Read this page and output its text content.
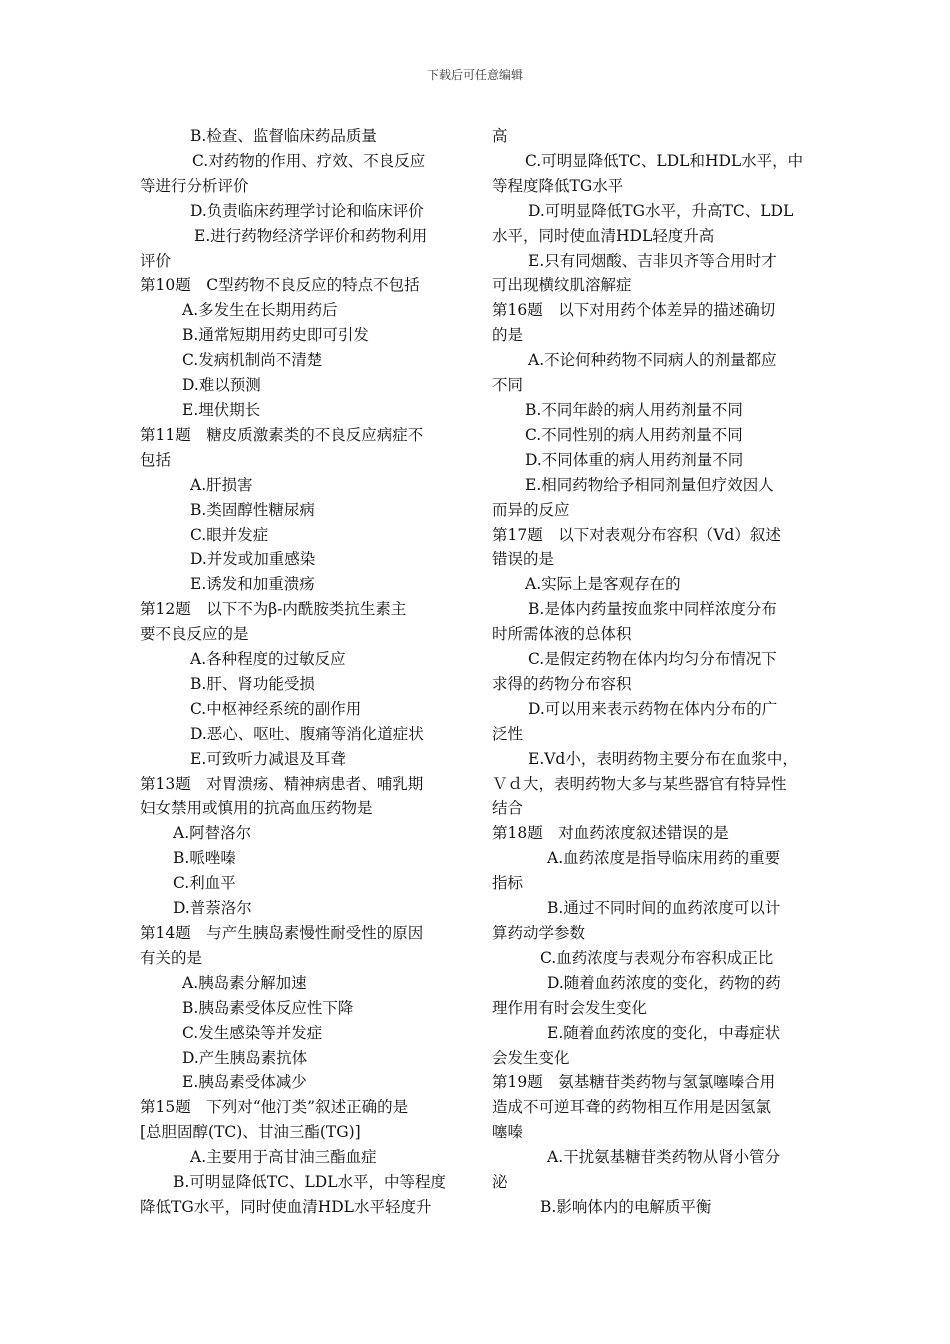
下载后可任意编辑
B.检查、监督临床药品质量
C.对药物的作用、疗效、不良反应
等进行分析评价
D.负责临床药理学讨论和临床评价
E.进行药物经济学评价和药物利用
评价
第10题　C型药物不良反应的特点不包括
A.多发生在长期用药后
B.通常短期用药史即可引发
C.发病机制尚不清楚
D.难以预测
E.埋伏期长
第11题　糖皮质激素类的不良反应病症不
包括
A.肝损害
B.类固醇性糖尿病
C.眼并发症
D.并发或加重感染
E.诱发和加重溃疡
第12题　以下不为β-内酰胺类抗生素主
要不良反应的是
A.各种程度的过敏反应
B.肝、肾功能受损
C.中枢神经系统的副作用
D.恶心、呕吐、腹痛等消化道症状
E.可致听力减退及耳聋
第13题　对胃溃疡、精神病患者、哺乳期
妇女禁用或慎用的抗高血压药物是
A.阿替洛尔
B.哌唑嗪
C.利血平
D.普萘洛尔
第14题　与产生胰岛素慢性耐受性的原因
有关的是
A.胰岛素分解加速
B.胰岛素受体反应性下降
C.发生感染等并发症
D.产生胰岛素抗体
E.胰岛素受体减少
第15题　下列对“他汀类”叙述正确的是
[总胆固醇(TC)、甘油三酯(TG)]
A.主要用于高甘油三酯血症
B.可明显降低TC、LDL水平，中等程度
降低TG水平，同时使血清HDL水平轻度升
高
C.可明显降低TC、LDL和HDL水平，中
等程度降低TG水平
D.可明显降低TG水平，升高TC、LDL
水平，同时使血清HDL轻度升高
E.只有同烟酸、吉非贝齐等合用时才
可出现横纹肌溶解症
第16题　以下对用药个体差异的描述确切
的是
A.不论何种药物不同病人的剂量都应
不同
B.不同年龄的病人用药剂量不同
C.不同性别的病人用药剂量不同
D.不同体重的病人用药剂量不同
E.相同药物给予相同剂量但疗效因人
而异的反应
第17题　以下对表观分布容积（Vd）叙述
错误的是
A.实际上是客观存在的
B.是体内药量按血浆中同样浓度分布
时所需体液的总体积
C.是假定药物在体内均匀分布情况下
求得的药物分布容积
D.可以用来表示药物在体内分布的广
泛性
E.Vd小，表明药物主要分布在血浆中，
Ｖｄ大，表明药物大多与某些器官有特异性
结合
第18题　对血药浓度叙述错误的是
A.血药浓度是指导临床用药的重要
指标
B.通过不同时间的血药浓度可以计
算药动学参数
C.血药浓度与表观分布容积成正比
D.随着血药浓度的变化，药物的药
理作用有时会发生变化
E.随着血药浓度的变化，中毒症状
会发生变化
第19题　氨基糖苷类药物与氢氯噻嗪合用
造成不可逆耳聋的药物相互作用是因氢氯
噻嗪
A.干扰氨基糖苷类药物从肾小管分
泌
B.影响体内的电解质平衡
